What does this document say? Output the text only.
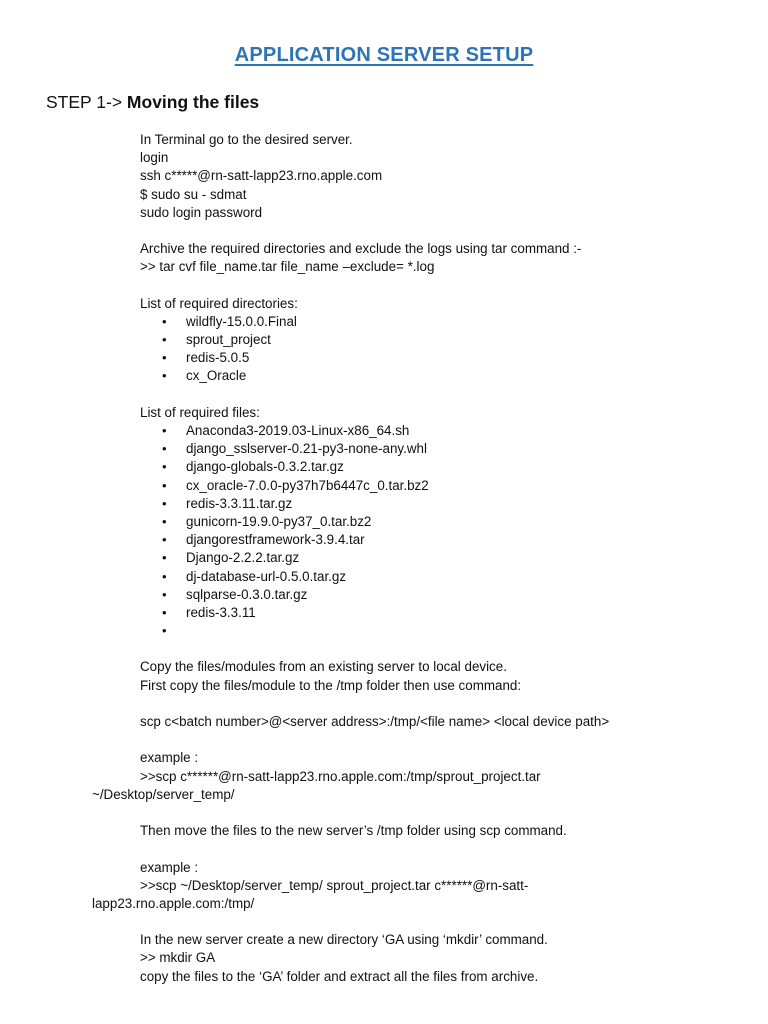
APPLICATION SERVER SETUP
STEP 1-> Moving the files
In Terminal go to the desired server.
login
ssh c*****@rn-satt-lapp23.rno.apple.com
$ sudo su - sdmat
sudo login password
Archive the required directories and exclude the logs using tar command :-
>> tar cvf file_name.tar file_name –exclude= *.log
List of required directories:
• wildfly-15.0.0.Final
• sprout_project
• redis-5.0.5
• cx_Oracle
List of required files:
• Anaconda3-2019.03-Linux-x86_64.sh
• django_sslserver-0.21-py3-none-any.whl
• django-globals-0.3.2.tar.gz
• cx_oracle-7.0.0-py37h7b6447c_0.tar.bz2
• redis-3.3.11.tar.gz
• gunicorn-19.9.0-py37_0.tar.bz2
• djangorestframework-3.9.4.tar
• Django-2.2.2.tar.gz
• dj-database-url-0.5.0.tar.gz
• sqlparse-0.3.0.tar.gz
• redis-3.3.11
•
Copy the files/modules from an existing server to local device.
First copy the files/module to the /tmp folder then use command:
scp c<batch number>@<server address>:/tmp/<file name> <local device path>
example :
>>scp c******@rn-satt-lapp23.rno.apple.com:/tmp/sprout_project.tar
~/Desktop/server_temp/
Then move the files to the new server’s /tmp folder using scp command.
example :
>>scp ~/Desktop/server_temp/ sprout_project.tar c******@rn-satt-
lapp23.rno.apple.com:/tmp/
In the new server create a new directory ‘GA using ‘mkdir’ command.
>> mkdir GA
copy the files to the ‘GA’ folder and extract all the files from archive.
